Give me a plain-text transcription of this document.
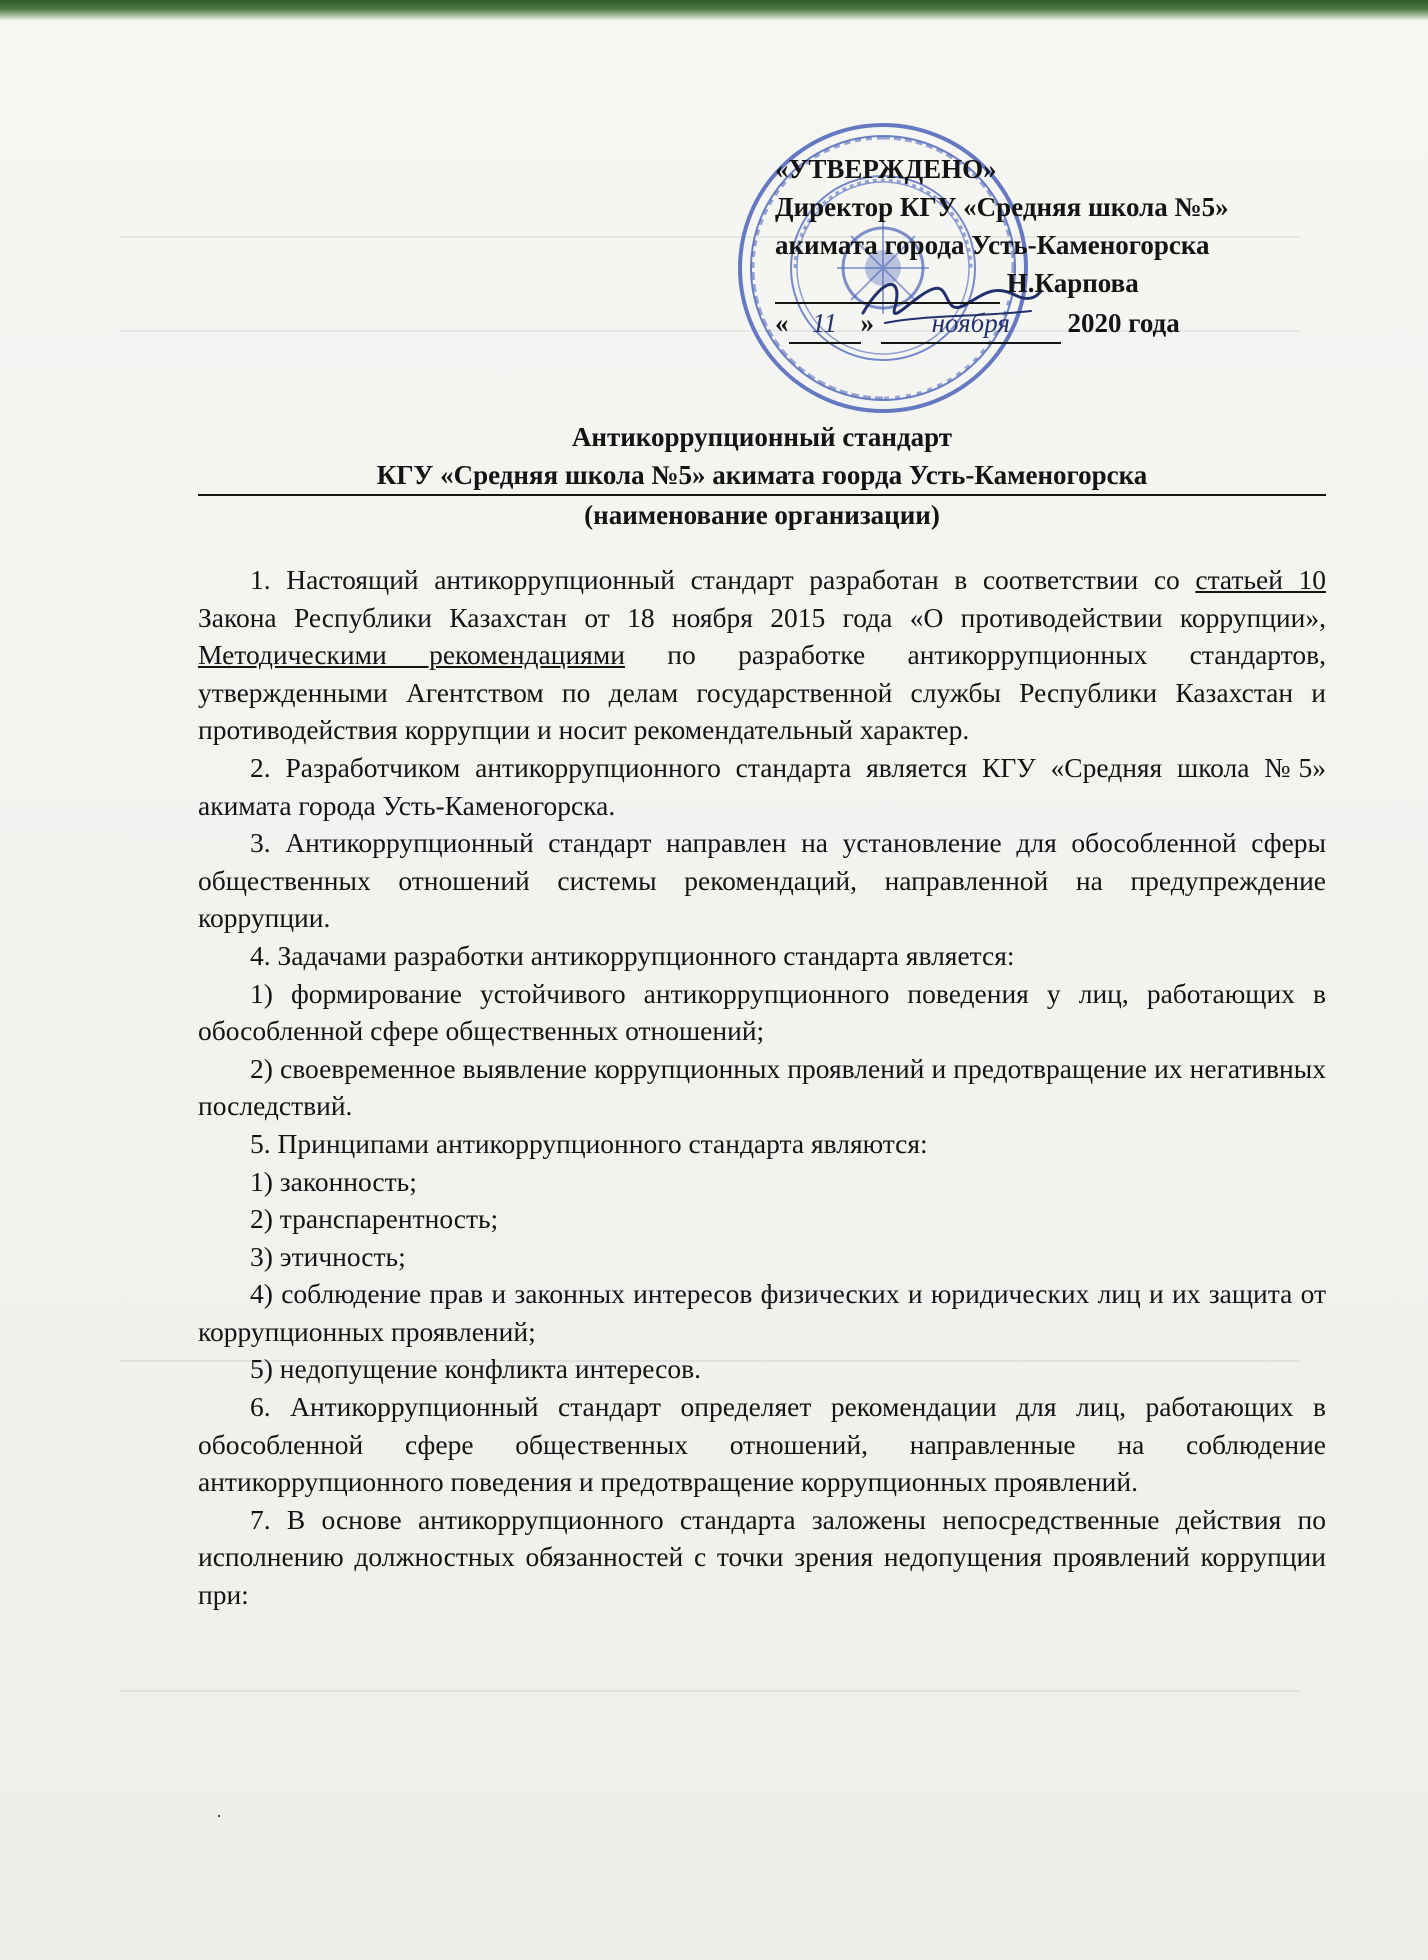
«УТВЕРЖДЕНО»
Директор КГУ «Средняя школа №5»
акимата города Усть-Каменогорска
Н.Карпова
« 11 » ноября 2020 года
Антикоррупционный стандарт
КГУ «Средняя школа №5» акимата гоорда Усть-Каменогорска
(наименование организации)

1. Настоящий антикоррупционный стандарт разработан в соответствии со статьей 10 Закона Республики Казахстан от 18 ноября 2015 года «О противодействии коррупции», Методическими рекомендациями по разработке антикоррупционных стандартов, утвержденными Агентством по делам государственной службы Республики Казахстан и противодействия коррупции и носит рекомендательный характер.

2. Разработчиком антикоррупционного стандарта является КГУ «Средняя школа №5» акимата города Усть-Каменогорска.

3. Антикоррупционный стандарт направлен на установление для обособленной сферы общественных отношений системы рекомендаций, направленной на предупреждение коррупции.

4. Задачами разработки антикоррупционного стандарта является:

1) формирование устойчивого антикоррупционного поведения у лиц, работающих в обособленной сфере общественных отношений;

2) своевременное выявление коррупционных проявлений и предотвращение их негативных последствий.

5. Принципами антикоррупционного стандарта являются:

1) законность;

2) транспарентность;

3) этичность;

4) соблюдение прав и законных интересов физических и юридических лиц и их защита от коррупционных проявлений;

5) недопущение конфликта интересов.

6. Антикоррупционный стандарт определяет рекомендации для лиц, работающих в обособленной сфере общественных отношений, направленные на соблюдение антикоррупционного поведения и предотвращение коррупционных проявлений.

7. В основе антикоррупционного стандарта заложены непосредственные действия по исполнению должностных обязанностей с точки зрения недопущения проявлений коррупции при:

·
